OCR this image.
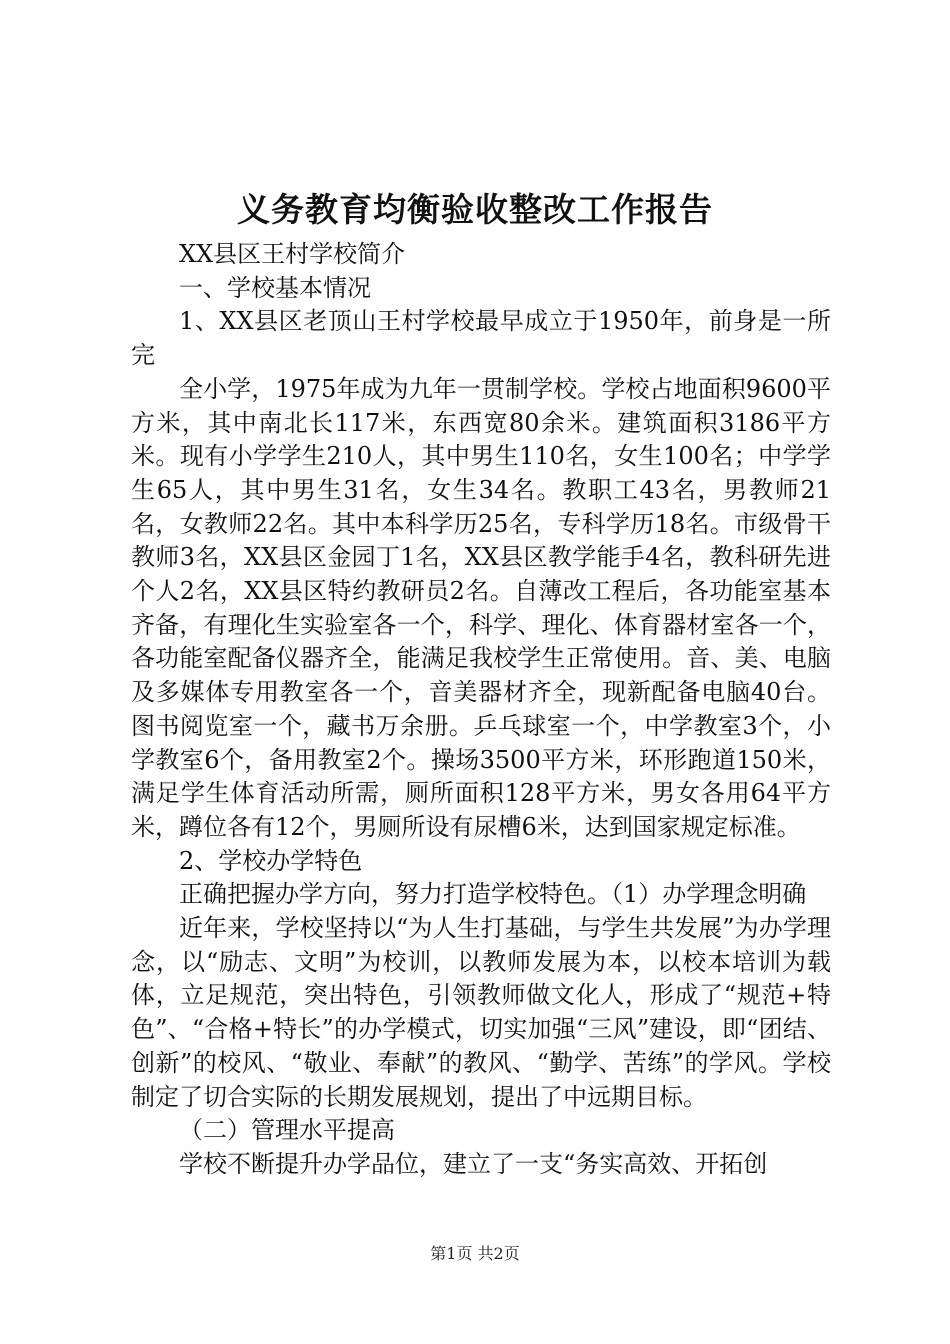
义务教育均衡验收整改工作报告

XX县区王村学校简介

一、学校基本情况

1、XX县区老顶山王村学校最早成立于1950年，前身是一所完

全小学，1975年成为九年一贯制学校。学校占地面积9600平方米，其中南北长117米，东西宽80余米。建筑面积3186平方米。现有小学学生210人，其中男生110名，女生100名；中学学生65人，其中男生31名，女生34名。教职工43名，男教师21名，女教师22名。其中本科学历25名，专科学历18名。市级骨干教师3名，XX县区金园丁1名，XX县区教学能手4名，教科研先进个人2名，XX县区特约教研员2名。自薄改工程后，各功能室基本齐备，有理化生实验室各一个，科学、理化、体育器材室各一个，各功能室配备仪器齐全，能满足我校学生正常使用。音、美、电脑及多媒体专用教室各一个，音美器材齐全，现新配备电脑40台。图书阅览室一个，藏书万余册。乒乓球室一个，中学教室3个，小学教室6个，备用教室2个。操场3500平方米，环形跑道150米，满足学生体育活动所需，厕所面积128平方米，男女各用64平方米，蹲位各有12个，男厕所设有尿槽6米，达到国家规定标准。

2、学校办学特色

正确把握办学方向，努力打造学校特色。（1）办学理念明确

近年来，学校坚持以“为人生打基础，与学生共发展”为办学理念，以“励志、文明”为校训，以教师发展为本，以校本培训为载体，立足规范，突出特色，引领教师做文化人，形成了“规范+特色”、“合格+特长”的办学模式，切实加强“三风”建设，即“团结、创新”的校风、“敬业、奉献”的教风、“勤学、苦练”的学风。学校制定了切合实际的长期发展规划，提出了中远期目标。

（二）管理水平提高

学校不断提升办学品位，建立了一支“务实高效、开拓创

第1页 共2页
